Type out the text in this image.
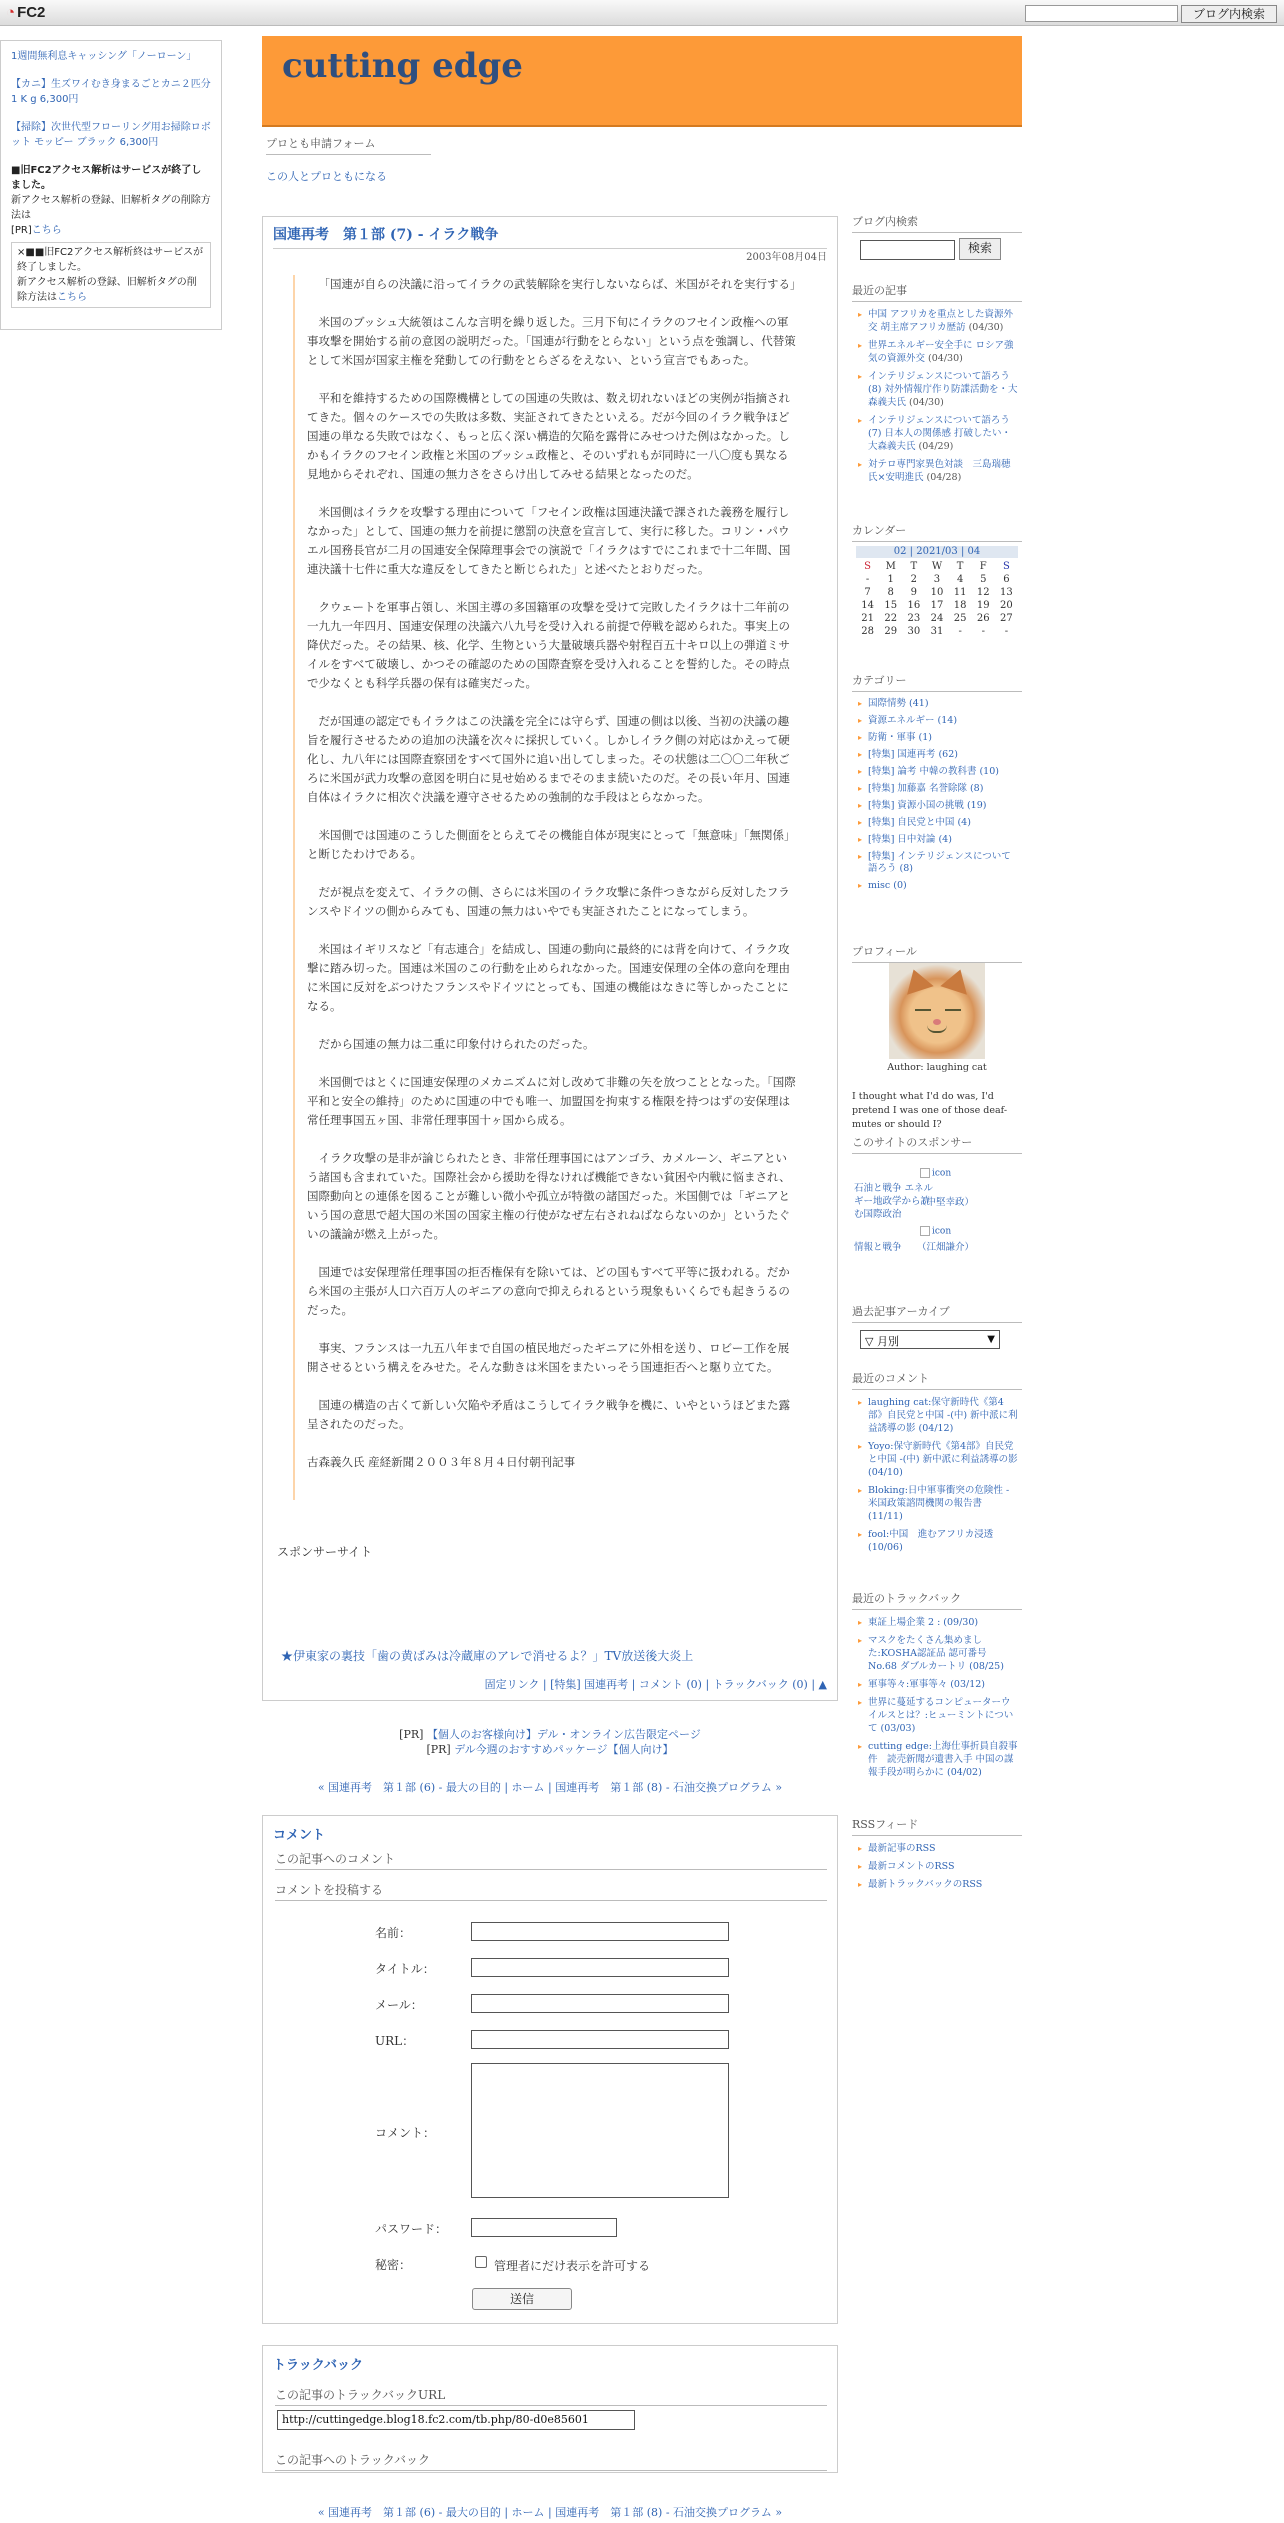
◔ FC2	ブログ内検索
1週間無利息キャッシング「ノーローン」
【カニ】生ズワイむき身まるごとカニ２匹分 1 K g 6,300円
【掃除】次世代型フローリング用お掃除ロボット モッピー ブラック 6,300円
■旧FC2アクセス解析はサービスが終了しました。
新アクセス解析の登録、旧解析タグの削除方法は
[PR]こちら
×■■旧FC2アクセス解析終はサービスが終了しました。
新アクセス解析の登録、旧解析タグの削除方法はこちら
cutting edge
プロとも申請フォーム
この人とプロともになる
国連再考　第１部 (7) - イラク戦争
2003年08月04日

「国連が自らの決議に沿ってイラクの武装解除を実行しないならば、米国がそれを実行する」

米国のブッシュ大統領はこんな言明を繰り返した。三月下旬にイラクのフセイン政権への軍事攻撃を開始する前の意図の説明だった。「国連が行動をとらない」という点を強調し、代替策として米国が国家主権を発動しての行動をとらざるをえない、という宣言でもあった。

平和を維持するための国際機構としての国連の失敗は、数え切れないほどの実例が指摘されてきた。個々のケースでの失敗は多数、実証されてきたといえる。だが今回のイラク戦争ほど国連の単なる失敗ではなく、もっと広く深い構造的欠陥を露骨にみせつけた例はなかった。しかもイラクのフセイン政権と米国のブッシュ政権と、そのいずれもが同時に一八〇度も異なる見地からそれぞれ、国連の無力さをさらけ出してみせる結果となったのだ。

米国側はイラクを攻撃する理由について「フセイン政権は国連決議で課された義務を履行しなかった」として、国連の無力を前提に懲罰の決意を宣言して、実行に移した。コリン・パウエル国務長官が二月の国連安全保障理事会での演説で「イラクはすでにこれまで十二年間、国連決議十七件に重大な違反をしてきたと断じられた」と述べたとおりだった。

クウェートを軍事占領し、米国主導の多国籍軍の攻撃を受けて完敗したイラクは十二年前の一九九一年四月、国連安保理の決議六八九号を受け入れる前提で停戦を認められた。事実上の降伏だった。その結果、核、化学、生物という大量破壊兵器や射程百五十キロ以上の弾道ミサイルをすべて破壊し、かつその確認のための国際査察を受け入れることを誓約した。その時点で少なくとも科学兵器の保有は確実だった。

だが国連の認定でもイラクはこの決議を完全には守らず、国連の側は以後、当初の決議の趣旨を履行させるための追加の決議を次々に採択していく。しかしイラク側の対応はかえって硬化し、九八年には国際査察団をすべて国外に追い出してしまった。その状態は二〇〇二年秋ごろに米国が武力攻撃の意図を明白に見せ始めるまでそのまま続いたのだ。その長い年月、国連自体はイラクに相次ぐ決議を遵守させるための強制的な手段はとらなかった。

米国側では国連のこうした側面をとらえてその機能自体が現実にとって「無意味」「無関係」と断じたわけである。

だが視点を変えて、イラクの側、さらには米国のイラク攻撃に条件つきながら反対したフランスやドイツの側からみても、国連の無力はいやでも実証されたことになってしまう。

米国はイギリスなど「有志連合」を結成し、国連の動向に最終的には背を向けて、イラク攻撃に踏み切った。国連は米国のこの行動を止められなかった。国連安保理の全体の意向を理由に米国に反対をぶつけたフランスやドイツにとっても、国連の機能はなきに等しかったことになる。

だから国連の無力は二重に印象付けられたのだった。

米国側ではとくに国連安保理のメカニズムに対し改めて非難の矢を放つこととなった。「国際平和と安全の維持」のために国連の中でも唯一、加盟国を拘束する権限を持つはずの安保理は常任理事国五ヶ国、非常任理事国十ヶ国から成る。

イラク攻撃の是非が論じられたとき、非常任理事国にはアンゴラ、カメルーン、ギニアという諸国も含まれていた。国際社会から援助を得なければ機能できない貧困や内戦に悩まされ、国際動向との連係を図ることが難しい微小や孤立が特徴の諸国だった。米国側では「ギニアという国の意思で超大国の米国の国家主権の行使がなぜ左右されねばならないのか」というたぐいの議論が燃え上がった。

国連では安保理常任理事国の拒否権保有を除いては、どの国もすべて平等に扱われる。だから米国の主張が人口六百万人のギニアの意向で抑えられるという現象もいくらでも起きうるのだった。

事実、フランスは一九五八年まで自国の植民地だったギニアに外相を送り、ロビー工作を展開させるという構えをみせた。そんな動きは米国をまたいっそう国連拒否へと駆り立てた。

国連の構造の古くて新しい欠陥や矛盾はこうしてイラク戦争を機に、いやというほどまた露呈されたのだった。

古森義久氏 産経新聞２００３年８月４日付朝刊記事

スポンサーサイト
★伊東家の裏技「歯の黄ばみは冷蔵庫のアレで消せるよ？」TV放送後大炎上
固定リンク | [特集] 国連再考 | コメント (0) | トラックバック (0) | ▲
[PR] 【個人のお客様向け】デル・オンライン広告限定ページ
[PR] デル今週のおすすめパッケージ【個人向け】
« 国連再考　第１部 (6) - 最大の目的 | ホーム | 国連再考　第１部 (8) - 石油交換プログラム »
コメント
この記事へのコメント
コメントを投稿する
名前：
タイトル：
メール：
URL：
コメント：
パスワード：
秘密：	管理者にだけ表示を許可する
送信
トラックバック
この記事のトラックバックURL
http://cuttingedge.blog18.fc2.com/tb.php/80-d0e85601
この記事へのトラックバック
« 国連再考　第１部 (6) - 最大の目的 | ホーム | 国連再考　第１部 (8) - 石油交換プログラム »
ブログ内検索
検索
最近の記事
▸ 中国 アフリカを重点とした資源外交 胡主席アフリカ歴訪 (04/30)
▸ 世界エネルギー安全手に ロシア強気の資源外交 (04/30)
▸ インテリジェンスについて語ろう (8) 対外情報庁作り防諜活動を・大森義夫氏 (04/30)
▸ インテリジェンスについて語ろう (7) 日本人の関係感 打破したい・大森義夫氏 (04/29)
▸ 対テロ専門家異色対談　三島瑞穂氏×安明進氏 (04/28)
カレンダー
02 | 2021/03 | 04
S	M	T	W	T	F	S
-	1	2	3	4	5	6
7	8	9	10	11	12	13
14	15	16	17	18	19	20
21	22	23	24	25	26	27
28	29	30	31	-	-	-
カテゴリー
▸ 国際情勢 (41)
▸ 資源エネルギー (14)
▸ 防衛・軍事 (1)
▸ [特集] 国連再考 (62)
▸ [特集] 論考 中韓の教科書 (10)
▸ [特集] 加藤嘉 名誉除隊 (8)
▸ [特集] 資源小国の挑戦 (19)
▸ [特集] 自民党と中国 (4)
▸ [特集] 日中対論 (4)
▸ [特集] インテリジェンスについて語ろう (8)
▸ misc (0)
プロフィール
Author: laughing cat
I thought what I'd do was, I'd pretend I was one of those deaf-mutes or should I?
このサイトのスポンサー
icon
石油と戦争 エネルギー地政学から読む国際政治
（中堅幸政）
icon
情報と戦争 （江畑謙介）
過去記事アーカイブ
▽ 月別	▼
最近のコメント
▸ laughing cat:保守新時代《第4部》自民党と中国 -(中) 新中派に利益誘導の影 (04/12)
▸ Yoyo:保守新時代《第4部》自民党と中国 -(中) 新中派に利益誘導の影 (04/10)
▸ Bloking:日中軍事衝突の危険性 - 米国政策諮問機関の報告書 (11/11)
▸ fool:中国　進むアフリカ浸透 (10/06)
最近のトラックバック
▸ 東証上場企業 2 : (09/30)
▸ マスクをたくさん集めました:KOSHA認証品 認可番号 No.68 ダブルカートリ (08/25)
▸ 軍事等々:軍事等々 (03/12)
▸ 世界に蔓延するコンピューターウイルスとは？:ヒューミントについて (03/03)
▸ cutting edge:上海仕事折員自殺事件　読売新聞が遺書入手 中国の謀報手段が明らかに (04/02)
RSSフィード
▸ 最新記事のRSS
▸ 最新コメントのRSS
▸ 最新トラックバックのRSS
